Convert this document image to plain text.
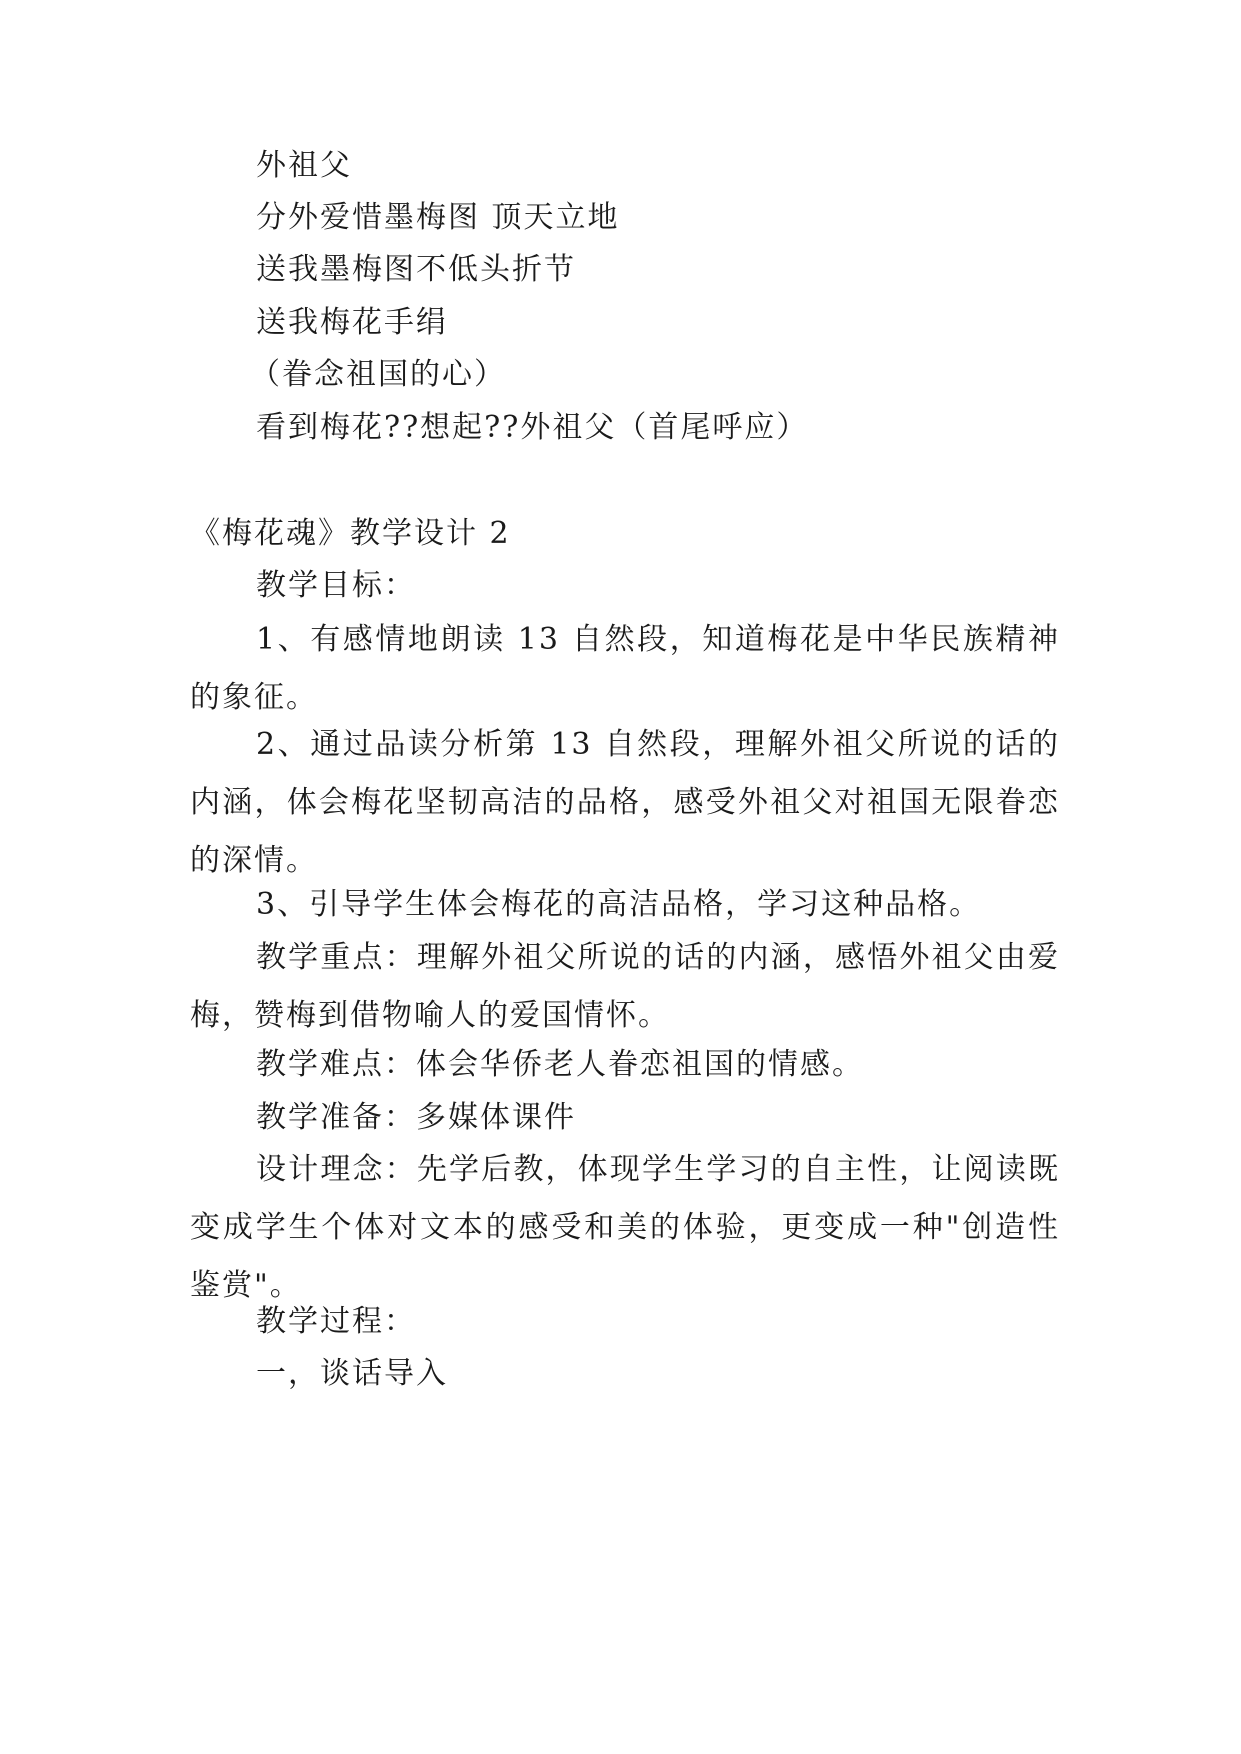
外祖父
分外爱惜墨梅图 顶天立地
送我墨梅图不低头折节
送我梅花手绢
（眷念祖国的心）
看到梅花??想起??外祖父（首尾呼应）
《梅花魂》教学设计 2
教学目标：
1、有感情地朗读 13 自然段，知道梅花是中华民族精神的象征。
2、通过品读分析第 13 自然段，理解外祖父所说的话的内涵，体会梅花坚韧高洁的品格，感受外祖父对祖国无限眷恋的深情。
3、引导学生体会梅花的高洁品格，学习这种品格。
教学重点：理解外祖父所说的话的内涵，感悟外祖父由爱梅，赞梅到借物喻人的爱国情怀。
教学难点：体会华侨老人眷恋祖国的情感。
教学准备：多媒体课件
设计理念：先学后教，体现学生学习的自主性，让阅读既变成学生个体对文本的感受和美的体验，更变成一种"创造性鉴赏"。
教学过程：
一，谈话导入
